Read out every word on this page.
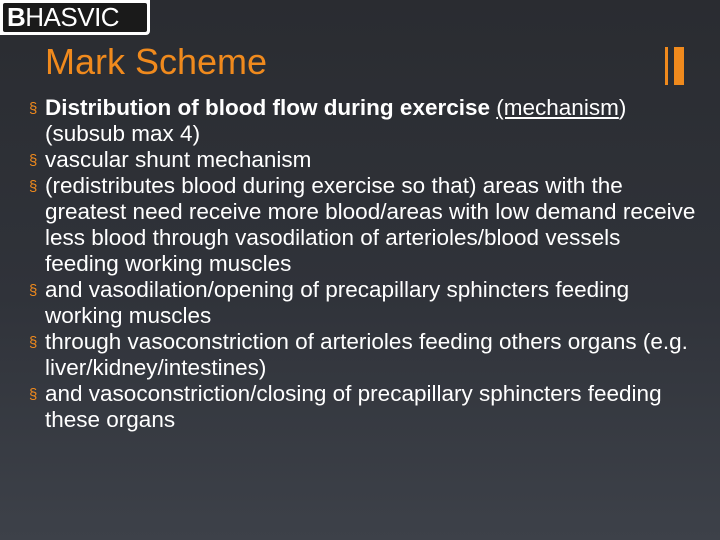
BHASVIC
Mark Scheme
§ Distribution of blood flow during exercise (mechanism) (subsub max 4)
§ vascular shunt mechanism
§ (redistributes blood during exercise so that) areas with the greatest need receive more blood/areas with low demand receive less blood through vasodilation of arterioles/blood vessels feeding working muscles
§ and vasodilation/opening of precapillary sphincters feeding working muscles
§ through vasoconstriction of arterioles feeding others organs (e.g. liver/kidney/intestines)
§ and vasoconstriction/closing of precapillary sphincters feeding these organs
